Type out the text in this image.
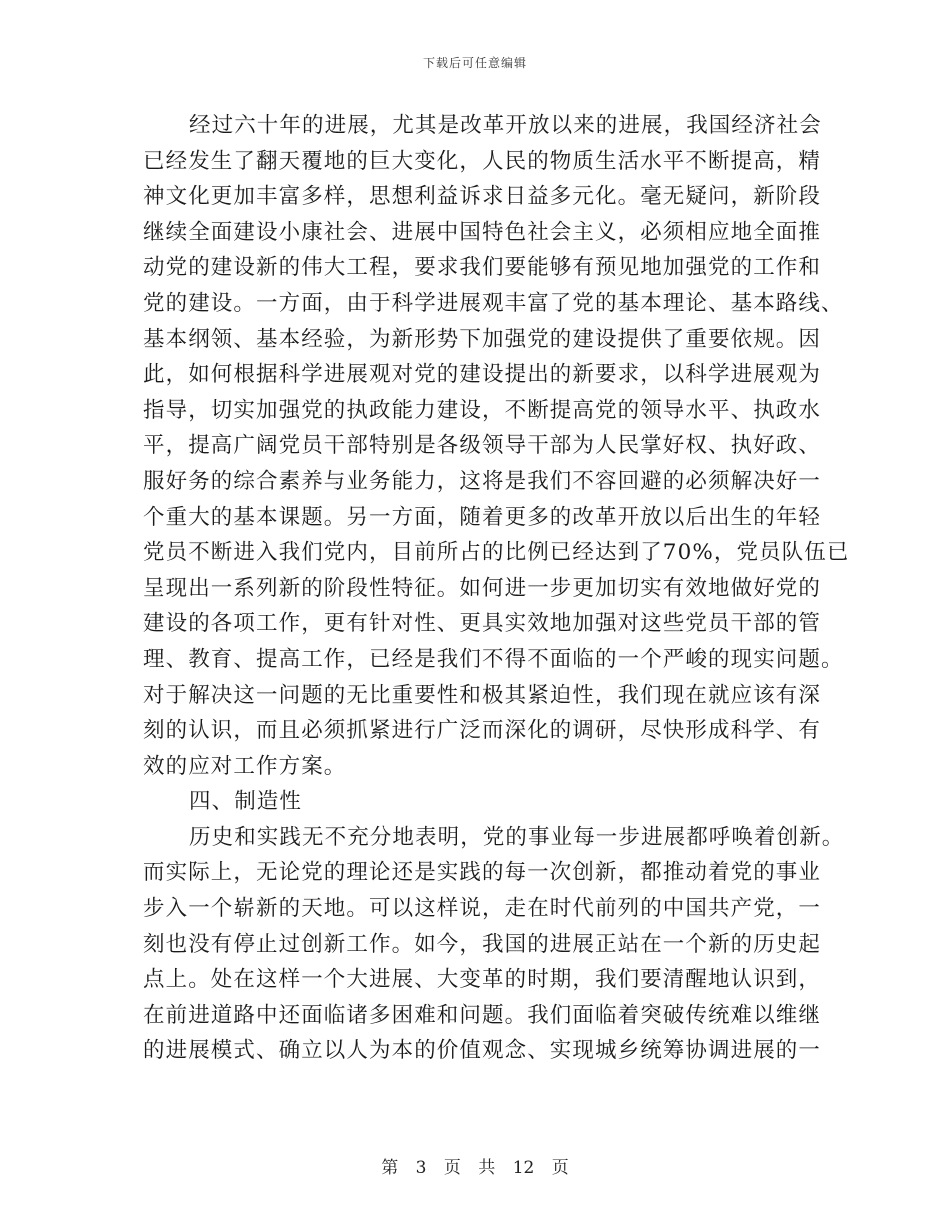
下载后可任意编辑
经过六十年的进展，尤其是改革开放以来的进展，我国经济社会
已经发生了翻天覆地的巨大变化，人民的物质生活水平不断提高，精
神文化更加丰富多样，思想利益诉求日益多元化。毫无疑问，新阶段
继续全面建设小康社会、进展中国特色社会主义，必须相应地全面推
动党的建设新的伟大工程，要求我们要能够有预见地加强党的工作和
党的建设。一方面，由于科学进展观丰富了党的基本理论、基本路线、
基本纲领、基本经验，为新形势下加强党的建设提供了重要依规。因
此，如何根据科学进展观对党的建设提出的新要求，以科学进展观为
指导，切实加强党的执政能力建设，不断提高党的领导水平、执政水
平，提高广阔党员干部特别是各级领导干部为人民掌好权、执好政、
服好务的综合素养与业务能力，这将是我们不容回避的必须解决好一
个重大的基本课题。另一方面，随着更多的改革开放以后出生的年轻
党员不断进入我们党内，目前所占的比例已经达到了70%，党员队伍已
呈现出一系列新的阶段性特征。如何进一步更加切实有效地做好党的
建设的各项工作，更有针对性、更具实效地加强对这些党员干部的管
理、教育、提高工作，已经是我们不得不面临的一个严峻的现实问题。
对于解决这一问题的无比重要性和极其紧迫性，我们现在就应该有深
刻的认识，而且必须抓紧进行广泛而深化的调研，尽快形成科学、有
效的应对工作方案。
四、制造性
历史和实践无不充分地表明，党的事业每一步进展都呼唤着创新。
而实际上，无论党的理论还是实践的每一次创新，都推动着党的事业
步入一个崭新的天地。可以这样说，走在时代前列的中国共产党，一
刻也没有停止过创新工作。如今，我国的进展正站在一个新的历史起
点上。处在这样一个大进展、大变革的时期，我们要清醒地认识到，
在前进道路中还面临诸多困难和问题。我们面临着突破传统难以维继
的进展模式、确立以人为本的价值观念、实现城乡统筹协调进展的一
第 3 页 共 12 页
